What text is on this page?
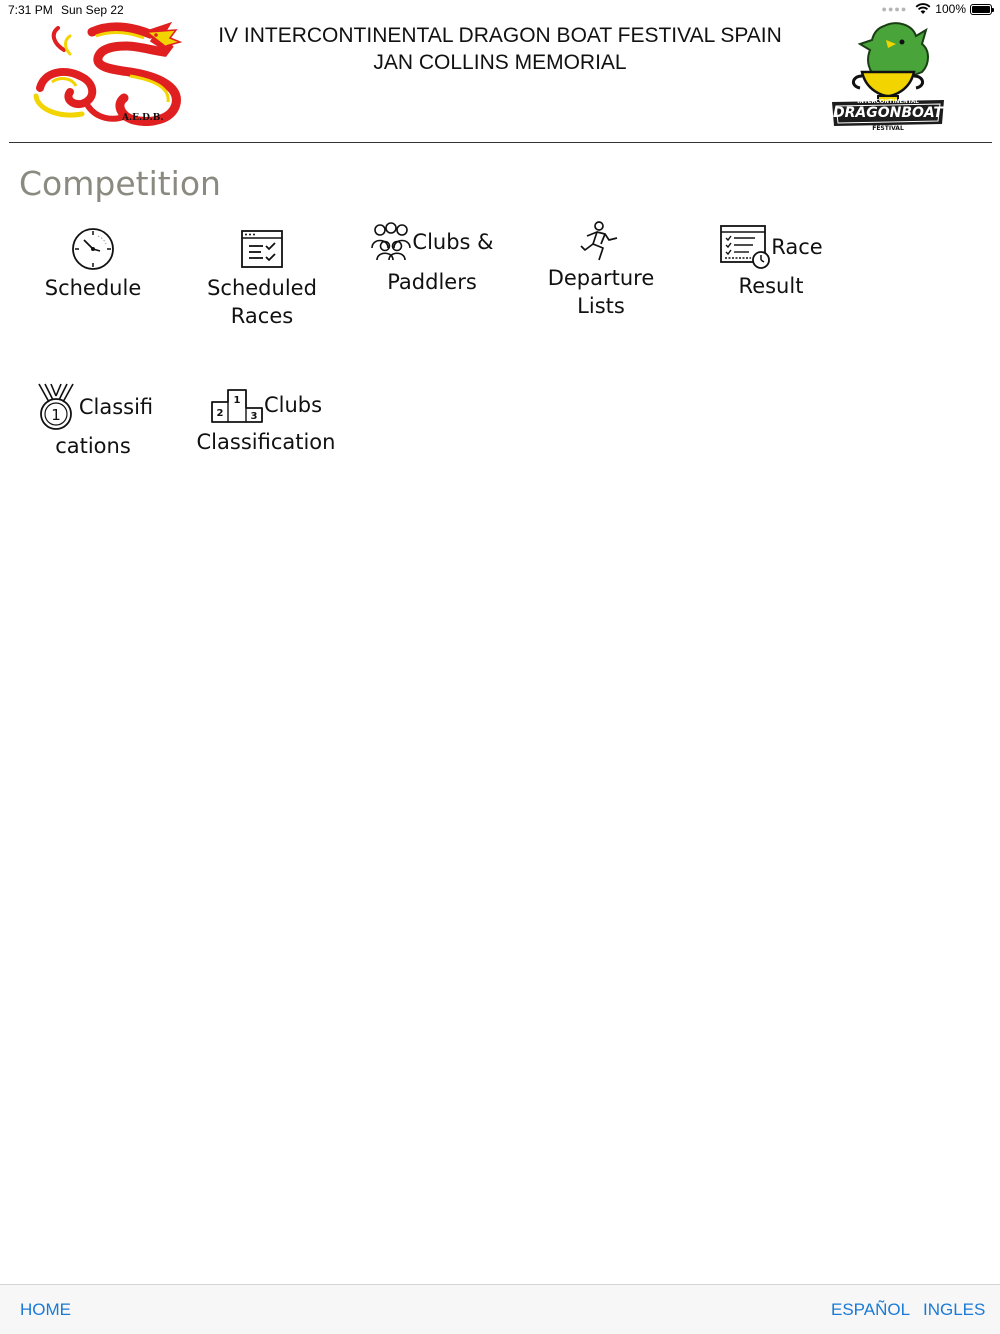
7:31 PM Sun Sep 22	●●●● 100%
A.E.D.B.
IV INTERCONTINENTAL DRAGON BOAT FESTIVAL SPAIN
JAN COLLINS MEMORIAL
INTERCONTINENTAL
DRAGONBOAT
FESTIVAL
Competition
Schedule	Scheduled
Races
Clubs &
Paddlers	Departure
Lists
Race
Result
1 Classifi
cations
2
1
3 Clubs
Classification
HOME	ESPAÑOL INGLES
